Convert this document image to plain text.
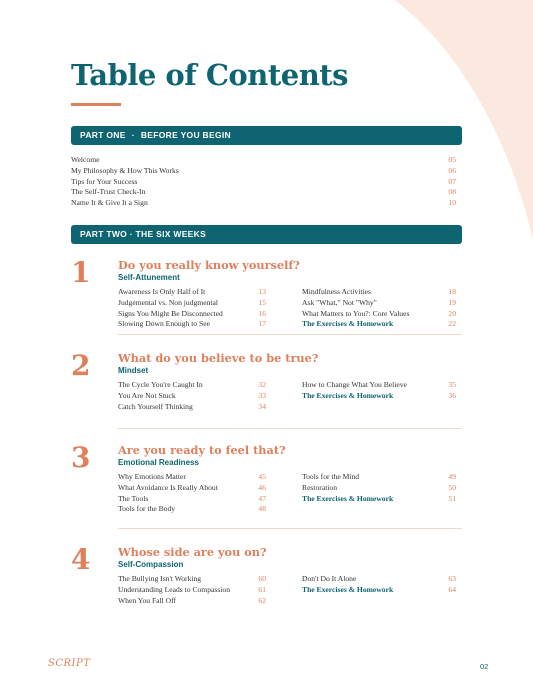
Table of Contents
PART ONE · BEFORE YOU BEGIN
Welcome	05
My Philosophy & How This Works	06
Tips for Your Success	07
The Self-Trust Check-In	08
Name It & Give It a Sign	10
PART TWO · THE SIX WEEKS
1 Do you really know yourself?
Self-Attunement
Awareness Is Only Half of It	13
Judgemental vs. Non judgmental	15
Signs You Might Be Disconnected	16
Slowing Down Enough to See	17
Mindfulness Activities	18
Ask "What," Not "Why"	19
What Matters to You?: Core Values	20
The Exercises & Homework	22
2 What do you believe to be true?
Mindset
The Cycle You're Caught In	32
You Are Not Stuck	33
Catch Yourself Thinking	34
How to Change What You Believe	35
The Exercises & Homework	36
3 Are you ready to feel that?
Emotional Readiness
Why Emotions Matter	45
What Avoidance Is Really About	46
The Tools	47
Tools for the Body	48
Tools for the Mind	49
Restoration	50
The Exercises & Homework	51
4 Whose side are you on?
Self-Compassion
The Bullying Isn't Working	60
Understanding Leads to Compassion	61
When You Fall Off	62
Don't Do It Alone	63
The Exercises & Homework	64
SCRIPT	02
